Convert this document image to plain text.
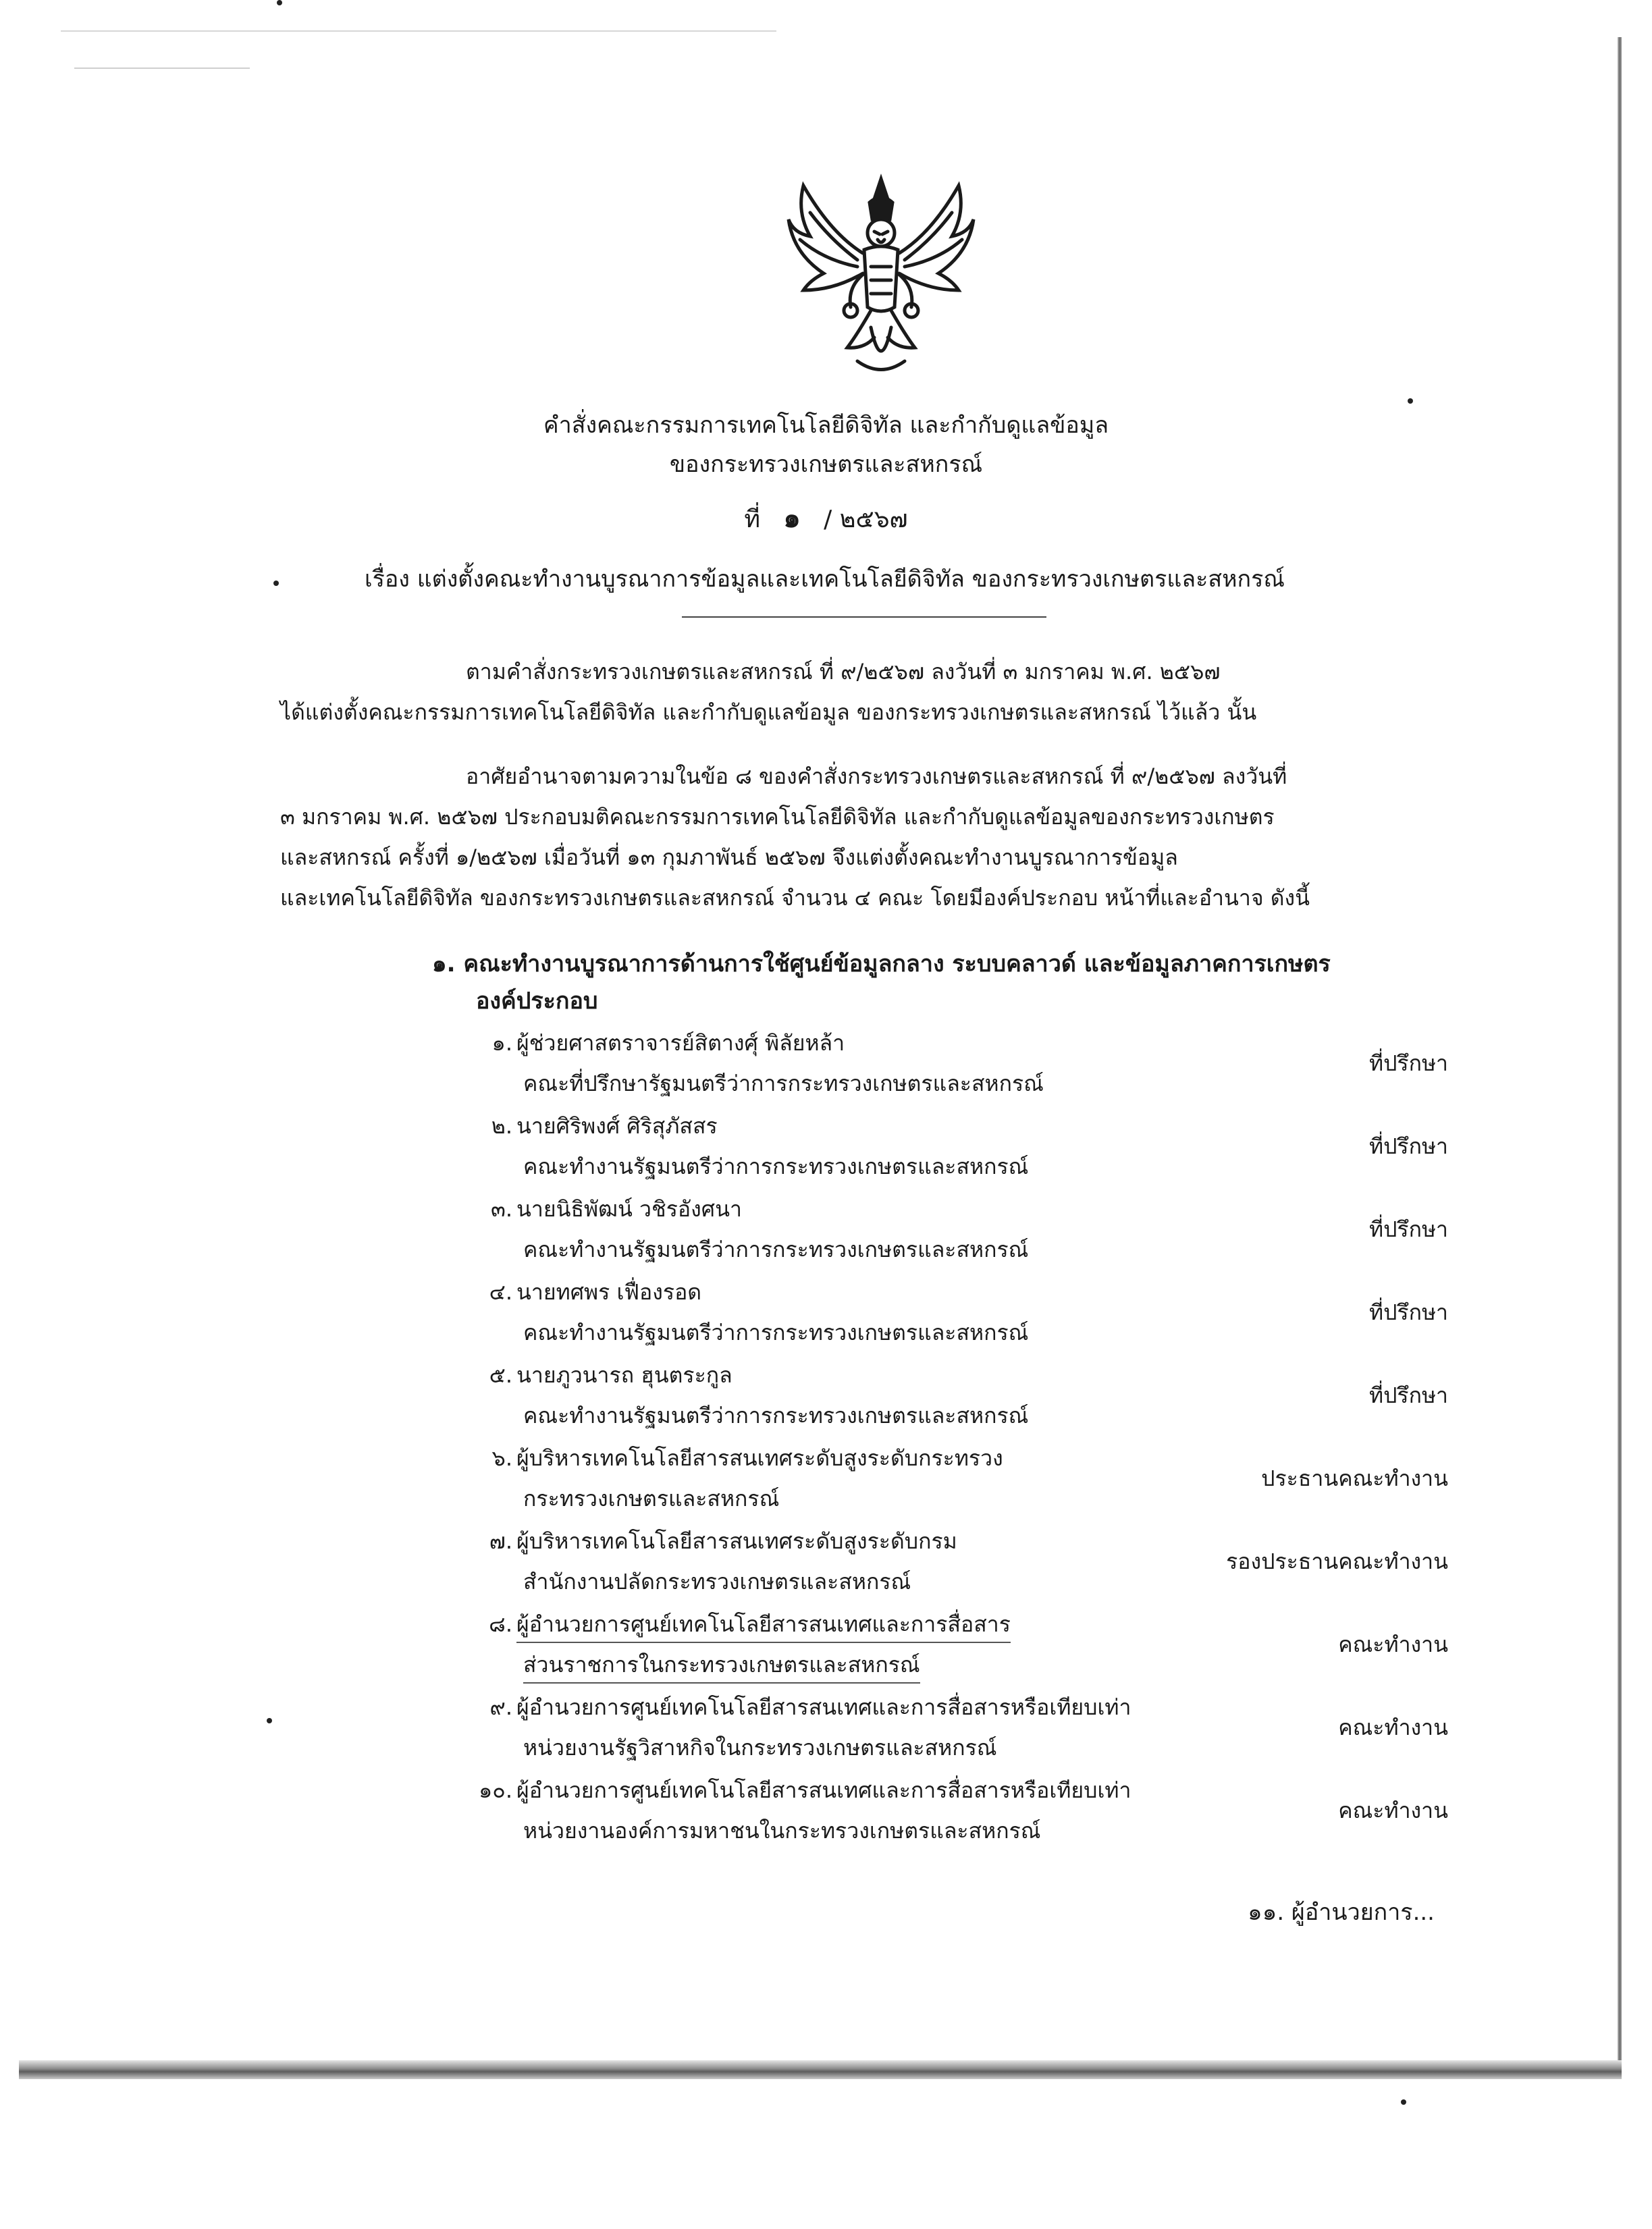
คำสั่งคณะกรรมการเทคโนโลยีดิจิทัล และกำกับดูแลข้อมูล
ของกระทรวงเกษตรและสหกรณ์
ที่ ๑ / ๒๕๖๗
เรื่อง แต่งตั้งคณะทำงานบูรณาการข้อมูลและเทคโนโลยีดิจิทัล ของกระทรวงเกษตรและสหกรณ์
ตามคำสั่งกระทรวงเกษตรและสหกรณ์ ที่ ๙/๒๕๖๗ ลงวันที่ ๓ มกราคม พ.ศ. ๒๕๖๗
ได้แต่งตั้งคณะกรรมการเทคโนโลยีดิจิทัล และกำกับดูแลข้อมูล ของกระทรวงเกษตรและสหกรณ์ ไว้แล้ว นั้น
อาศัยอำนาจตามความในข้อ ๘ ของคำสั่งกระทรวงเกษตรและสหกรณ์ ที่ ๙/๒๕๖๗ ลงวันที่
๓ มกราคม พ.ศ. ๒๕๖๗ ประกอบมติคณะกรรมการเทคโนโลยีดิจิทัล และกำกับดูแลข้อมูลของกระทรวงเกษตร
และสหกรณ์ ครั้งที่ ๑/๒๕๖๗ เมื่อวันที่ ๑๓ กุมภาพันธ์ ๒๕๖๗ จึงแต่งตั้งคณะทำงานบูรณาการข้อมูล
และเทคโนโลยีดิจิทัล ของกระทรวงเกษตรและสหกรณ์ จำนวน ๔ คณะ โดยมีองค์ประกอบ หน้าที่และอำนาจ ดังนี้
๑. คณะทำงานบูรณาการด้านการใช้ศูนย์ข้อมูลกลาง ระบบคลาวด์ และข้อมูลภาคการเกษตร
องค์ประกอบ
๑. ผู้ช่วยศาสตราจารย์สิตางศุ์ พิลัยหล้า
คณะที่ปรึกษารัฐมนตรีว่าการกระทรวงเกษตรและสหกรณ์
ที่ปรึกษา
๒. นายศิริพงศ์ ศิริสุภัสสร
คณะทำงานรัฐมนตรีว่าการกระทรวงเกษตรและสหกรณ์
ที่ปรึกษา
๓. นายนิธิพัฒน์ วชิรอังศนา
คณะทำงานรัฐมนตรีว่าการกระทรวงเกษตรและสหกรณ์
ที่ปรึกษา
๔. นายทศพร เฟื่องรอด
คณะทำงานรัฐมนตรีว่าการกระทรวงเกษตรและสหกรณ์
ที่ปรึกษา
๕. นายภูวนารถ ฮุนตระกูล
คณะทำงานรัฐมนตรีว่าการกระทรวงเกษตรและสหกรณ์
ที่ปรึกษา
๖. ผู้บริหารเทคโนโลยีสารสนเทศระดับสูงระดับกระทรวง
กระทรวงเกษตรและสหกรณ์
ประธานคณะทำงาน
๗. ผู้บริหารเทคโนโลยีสารสนเทศระดับสูงระดับกรม
สำนักงานปลัดกระทรวงเกษตรและสหกรณ์
รองประธานคณะทำงาน
๘. ผู้อำนวยการศูนย์เทคโนโลยีสารสนเทศและการสื่อสาร
ส่วนราชการในกระทรวงเกษตรและสหกรณ์
คณะทำงาน
๙. ผู้อำนวยการศูนย์เทคโนโลยีสารสนเทศและการสื่อสารหรือเทียบเท่า
หน่วยงานรัฐวิสาหกิจในกระทรวงเกษตรและสหกรณ์
คณะทำงาน
๑๐. ผู้อำนวยการศูนย์เทคโนโลยีสารสนเทศและการสื่อสารหรือเทียบเท่า
หน่วยงานองค์การมหาชนในกระทรวงเกษตรและสหกรณ์
คณะทำงาน
๑๑. ผู้อำนวยการ...
